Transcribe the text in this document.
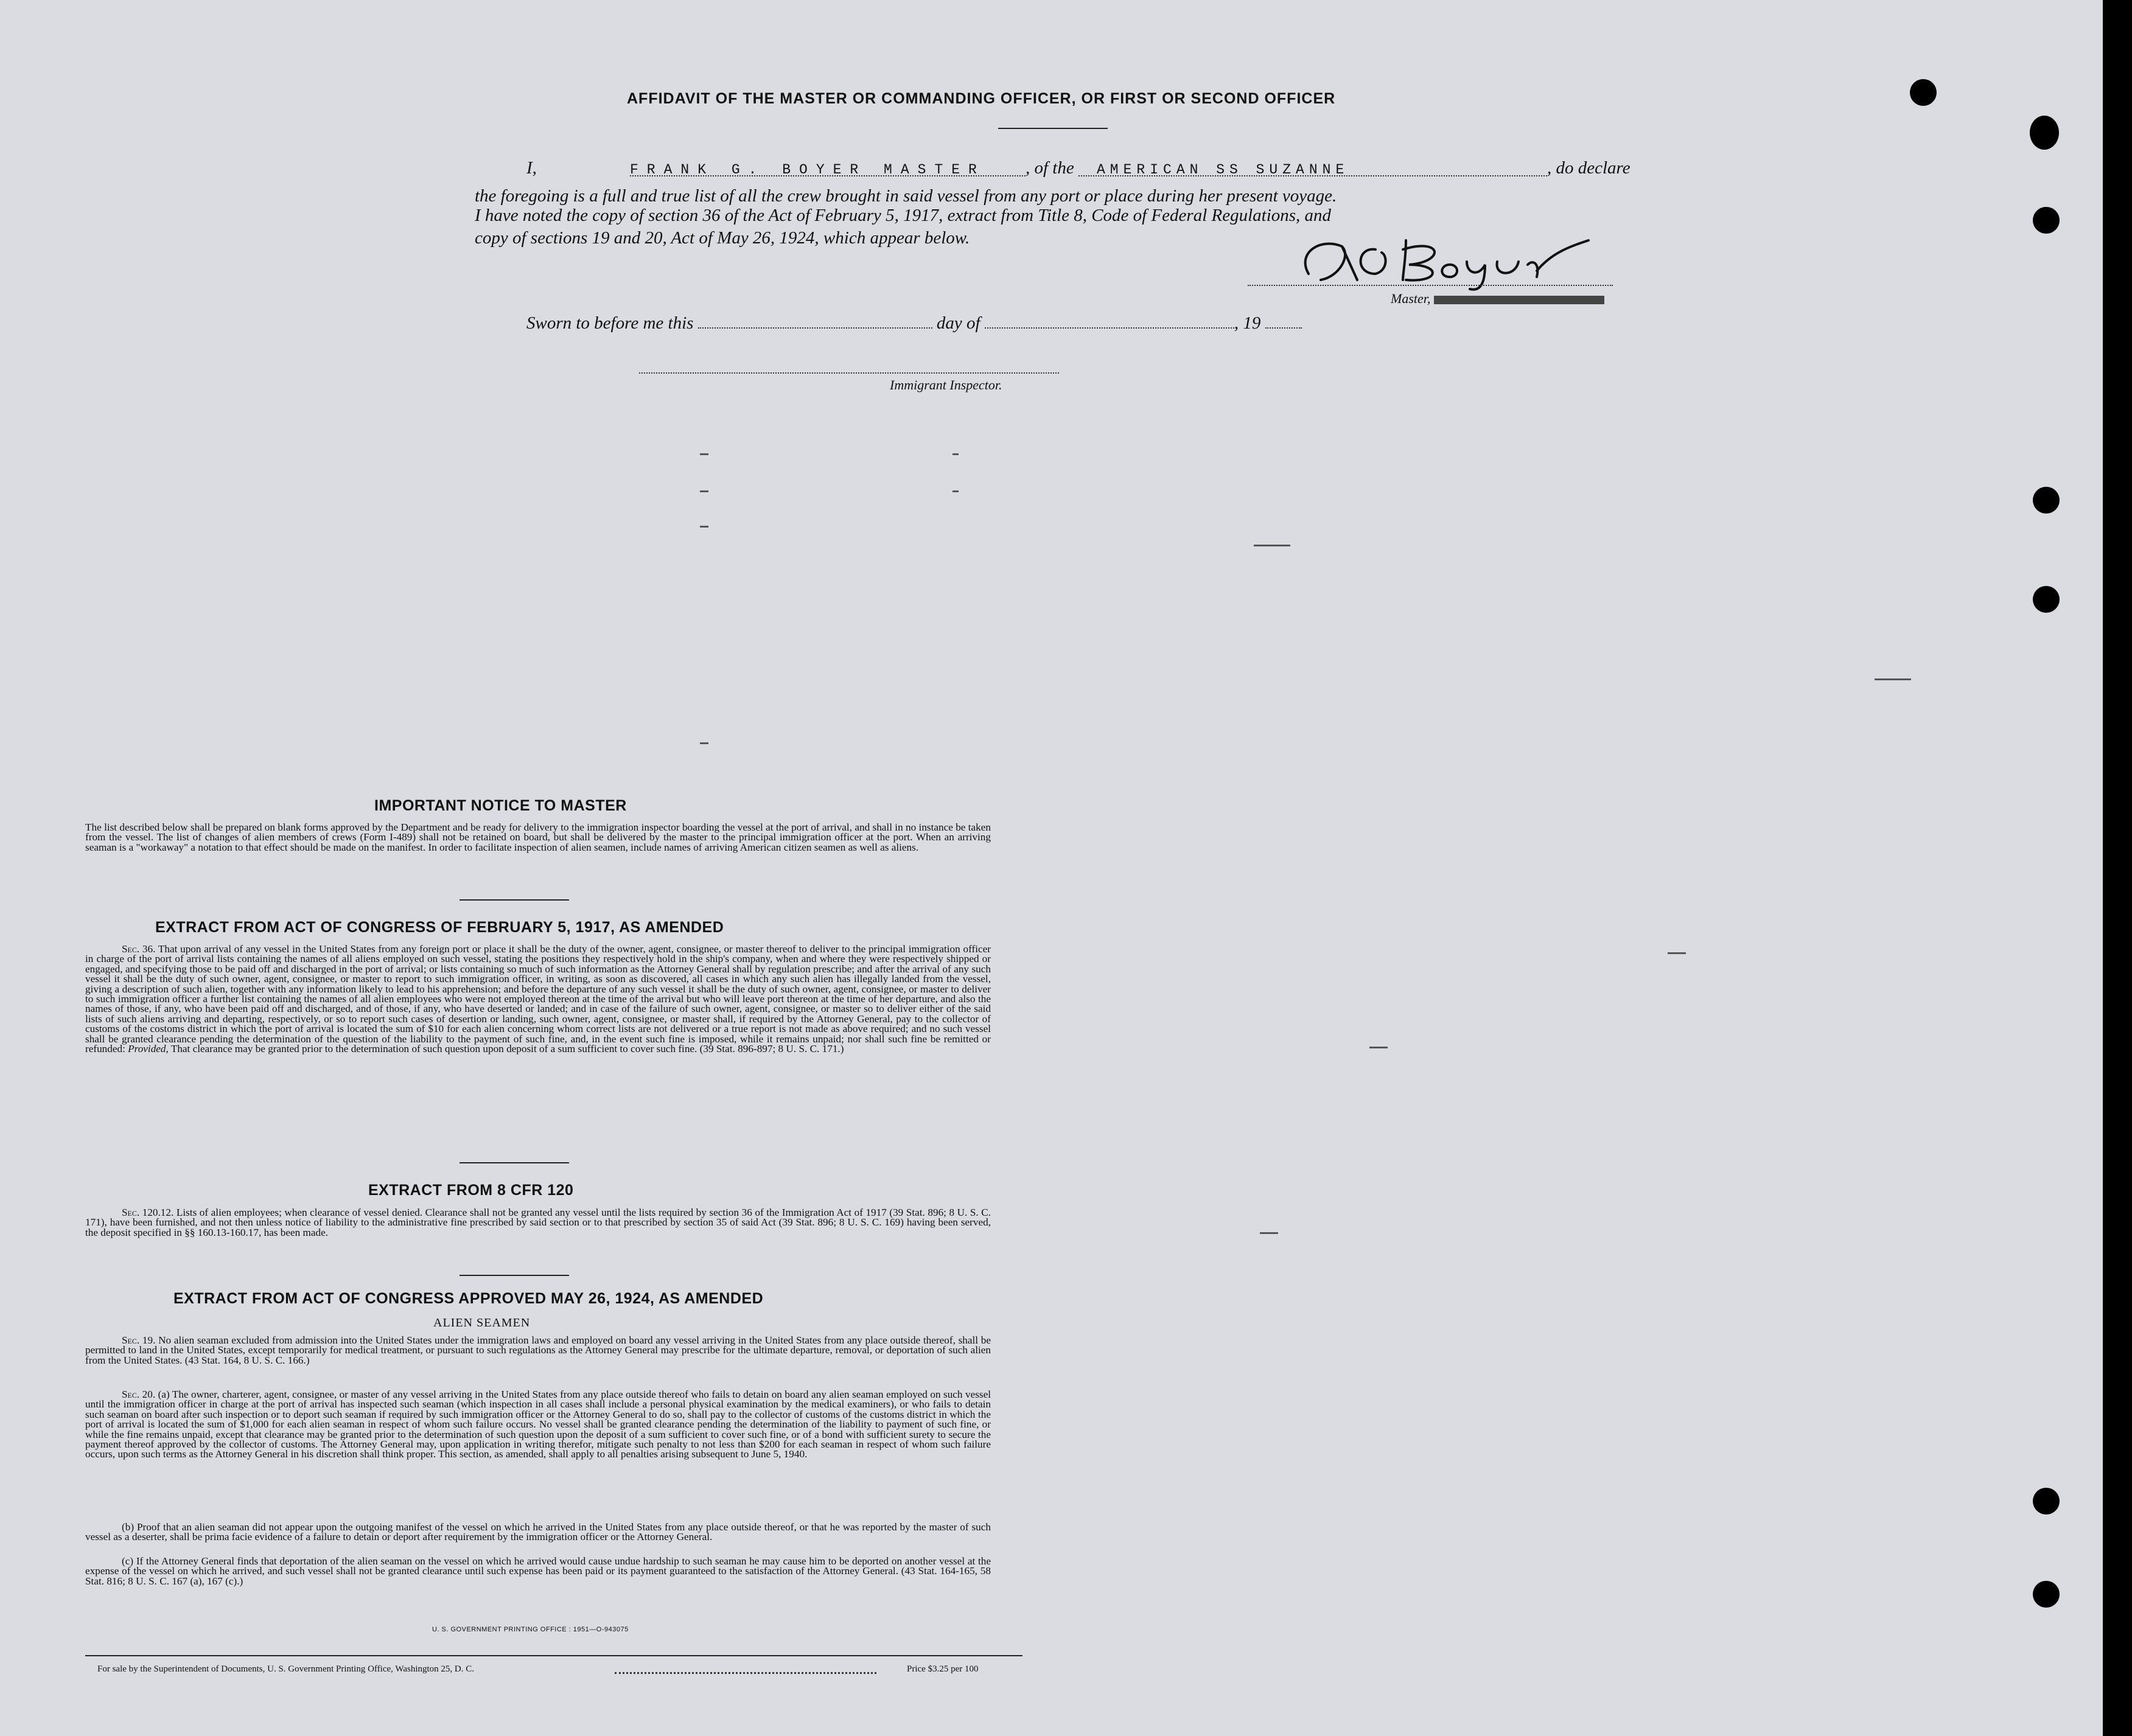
AFFIDAVIT OF THE MASTER OR COMMANDING OFFICER, OR FIRST OR SECOND OFFICER
I,	FRANK G. BOYER MASTER , of the AMERICAN SS SUZANNE	, do declare
the foregoing is a full and true list of all the crew brought in said vessel from any port or place during her present voyage.
I have noted the copy of section 36 of the Act of February 5, 1917, extract from Title 8, Code of Federal Regulations, and
copy of sections 19 and 20, Act of May 26, 1924, which appear below.
Master,
Sworn to before me this	day of	, 19
Immigrant Inspector.
IMPORTANT NOTICE TO MASTER

The list described below shall be prepared on blank forms approved by the Department and be ready for delivery to the immigration inspector boarding the vessel at the port of arrival, and shall in no instance be taken from the vessel. The list of changes of alien members of crews (Form I-489) shall not be retained on board, but shall be delivered by the master to the principal immigration officer at the port. When an arriving seaman is a "workaway" a notation to that effect should be made on the manifest. In order to facilitate inspection of alien seamen, include names of arriving American citizen seamen as well as aliens.

EXTRACT FROM ACT OF CONGRESS OF FEBRUARY 5, 1917, AS AMENDED

Sec. 36. That upon arrival of any vessel in the United States from any foreign port or place it shall be the duty of the owner, agent, consignee, or master thereof to deliver to the principal immigration officer in charge of the port of arrival lists containing the names of all aliens employed on such vessel, stating the positions they respectively hold in the ship's company, when and where they were respectively shipped or engaged, and specifying those to be paid off and discharged in the port of arrival; or lists containing so much of such information as the Attorney General shall by regulation prescribe; and after the arrival of any such vessel it shall be the duty of such owner, agent, consignee, or master to report to such immigration officer, in writing, as soon as discovered, all cases in which any such alien has illegally landed from the vessel, giving a description of such alien, together with any information likely to lead to his apprehension; and before the departure of any such vessel it shall be the duty of such owner, agent, consignee, or master to deliver to such immigration officer a further list containing the names of all alien employees who were not employed thereon at the time of the arrival but who will leave port thereon at the time of her departure, and also the names of those, if any, who have been paid off and discharged, and of those, if any, who have deserted or landed; and in case of the failure of such owner, agent, consignee, or master so to deliver either of the said lists of such aliens arriving and departing, respectively, or so to report such cases of desertion or landing, such owner, agent, consignee, or master shall, if required by the Attorney General, pay to the collector of customs of the costoms district in which the port of arrival is located the sum of $10 for each alien concerning whom correct lists are not delivered or a true report is not made as above required; and no such vessel shall be granted clearance pending the determination of the question of the liability to the payment of such fine, and, in the event such fine is imposed, while it remains unpaid; nor shall such fine be remitted or refunded: Provided, That clearance may be granted prior to the determination of such question upon deposit of a sum sufficient to cover such fine. (39 Stat. 896-897; 8 U. S. C. 171.)

EXTRACT FROM 8 CFR 120

Sec. 120.12. Lists of alien employees; when clearance of vessel denied. Clearance shall not be granted any vessel until the lists required by section 36 of the Immigration Act of 1917 (39 Stat. 896; 8 U. S. C. 171), have been furnished, and not then unless notice of liability to the administrative fine prescribed by said section or to that prescribed by section 35 of said Act (39 Stat. 896; 8 U. S. C. 169) having been served, the deposit specified in §§ 160.13-160.17, has been made.

EXTRACT FROM ACT OF CONGRESS APPROVED MAY 26, 1924, AS AMENDED
ALIEN SEAMEN

Sec. 19. No alien seaman excluded from admission into the United States under the immigration laws and employed on board any vessel arriving in the United States from any place outside thereof, shall be permitted to land in the United States, except temporarily for medical treatment, or pursuant to such regulations as the Attorney General may prescribe for the ultimate departure, removal, or deportation of such alien from the United States. (43 Stat. 164, 8 U. S. C. 166.)

Sec. 20. (a) The owner, charterer, agent, consignee, or master of any vessel arriving in the United States from any place outside thereof who fails to detain on board any alien seaman employed on such vessel until the immigration officer in charge at the port of arrival has inspected such seaman (which inspection in all cases shall include a personal physical examination by the medical examiners), or who fails to detain such seaman on board after such inspection or to deport such seaman if required by such immigration officer or the Attorney General to do so, shall pay to the collector of customs of the customs district in which the port of arrival is located the sum of $1,000 for each alien seaman in respect of whom such failure occurs. No vessel shall be granted clearance pending the determination of the liability to payment of such fine, or while the fine remains unpaid, except that clearance may be granted prior to the determination of such question upon the deposit of a sum sufficient to cover such fine, or of a bond with sufficient surety to secure the payment thereof approved by the collector of customs. The Attorney General may, upon application in writing therefor, mitigate such penalty to not less than $200 for each seaman in respect of whom such failure occurs, upon such terms as the Attorney General in his discretion shall think proper. This section, as amended, shall apply to all penalties arising subsequent to June 5, 1940.

(b) Proof that an alien seaman did not appear upon the outgoing manifest of the vessel on which he arrived in the United States from any place outside thereof, or that he was reported by the master of such vessel as a deserter, shall be prima facie evidence of a failure to detain or deport after requirement by the immigration officer or the Attorney General.

(c) If the Attorney General finds that deportation of the alien seaman on the vessel on which he arrived would cause undue hardship to such seaman he may cause him to be deported on another vessel at the expense of the vessel on which he arrived, and such vessel shall not be granted clearance until such expense has been paid or its payment guaranteed to the satisfaction of the Attorney General. (43 Stat. 164-165, 58 Stat. 816; 8 U. S. C. 167 (a), 167 (c).)

U. S. GOVERNMENT PRINTING OFFICE : 1951—O-943075
For sale by the Superintendent of Documents, U. S. Government Printing Office, Washington 25, D. C.	Price $3.25 per 100
